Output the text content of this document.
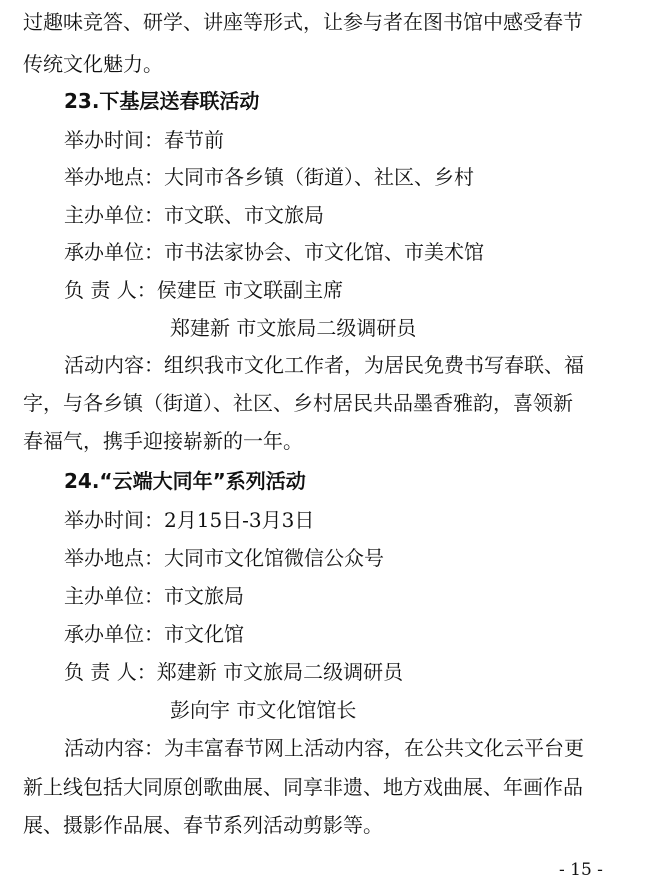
过趣味竞答、研学、讲座等形式，让参与者在图书馆中感受春节
传统文化魅力。
23.下基层送春联活动
举办时间：春节前
举办地点：大同市各乡镇（街道）、社区、乡村
主办单位：市文联、市文旅局
承办单位：市书法家协会、市文化馆、市美术馆
负 责 人：侯建臣 市文联副主席
郑建新 市文旅局二级调研员
活动内容：组织我市文化工作者，为居民免费书写春联、福
字，与各乡镇（街道）、社区、乡村居民共品墨香雅韵，喜领新
春福气，携手迎接崭新的一年。
24.“云端大同年”系列活动
举办时间：2月15日-3月3日
举办地点：大同市文化馆微信公众号
主办单位：市文旅局
承办单位：市文化馆
负 责 人：郑建新 市文旅局二级调研员
彭向宇 市文化馆馆长
活动内容：为丰富春节网上活动内容，在公共文化云平台更
新上线包括大同原创歌曲展、同享非遗、地方戏曲展、年画作品
展、摄影作品展、春节系列活动剪影等。
- 15 -
